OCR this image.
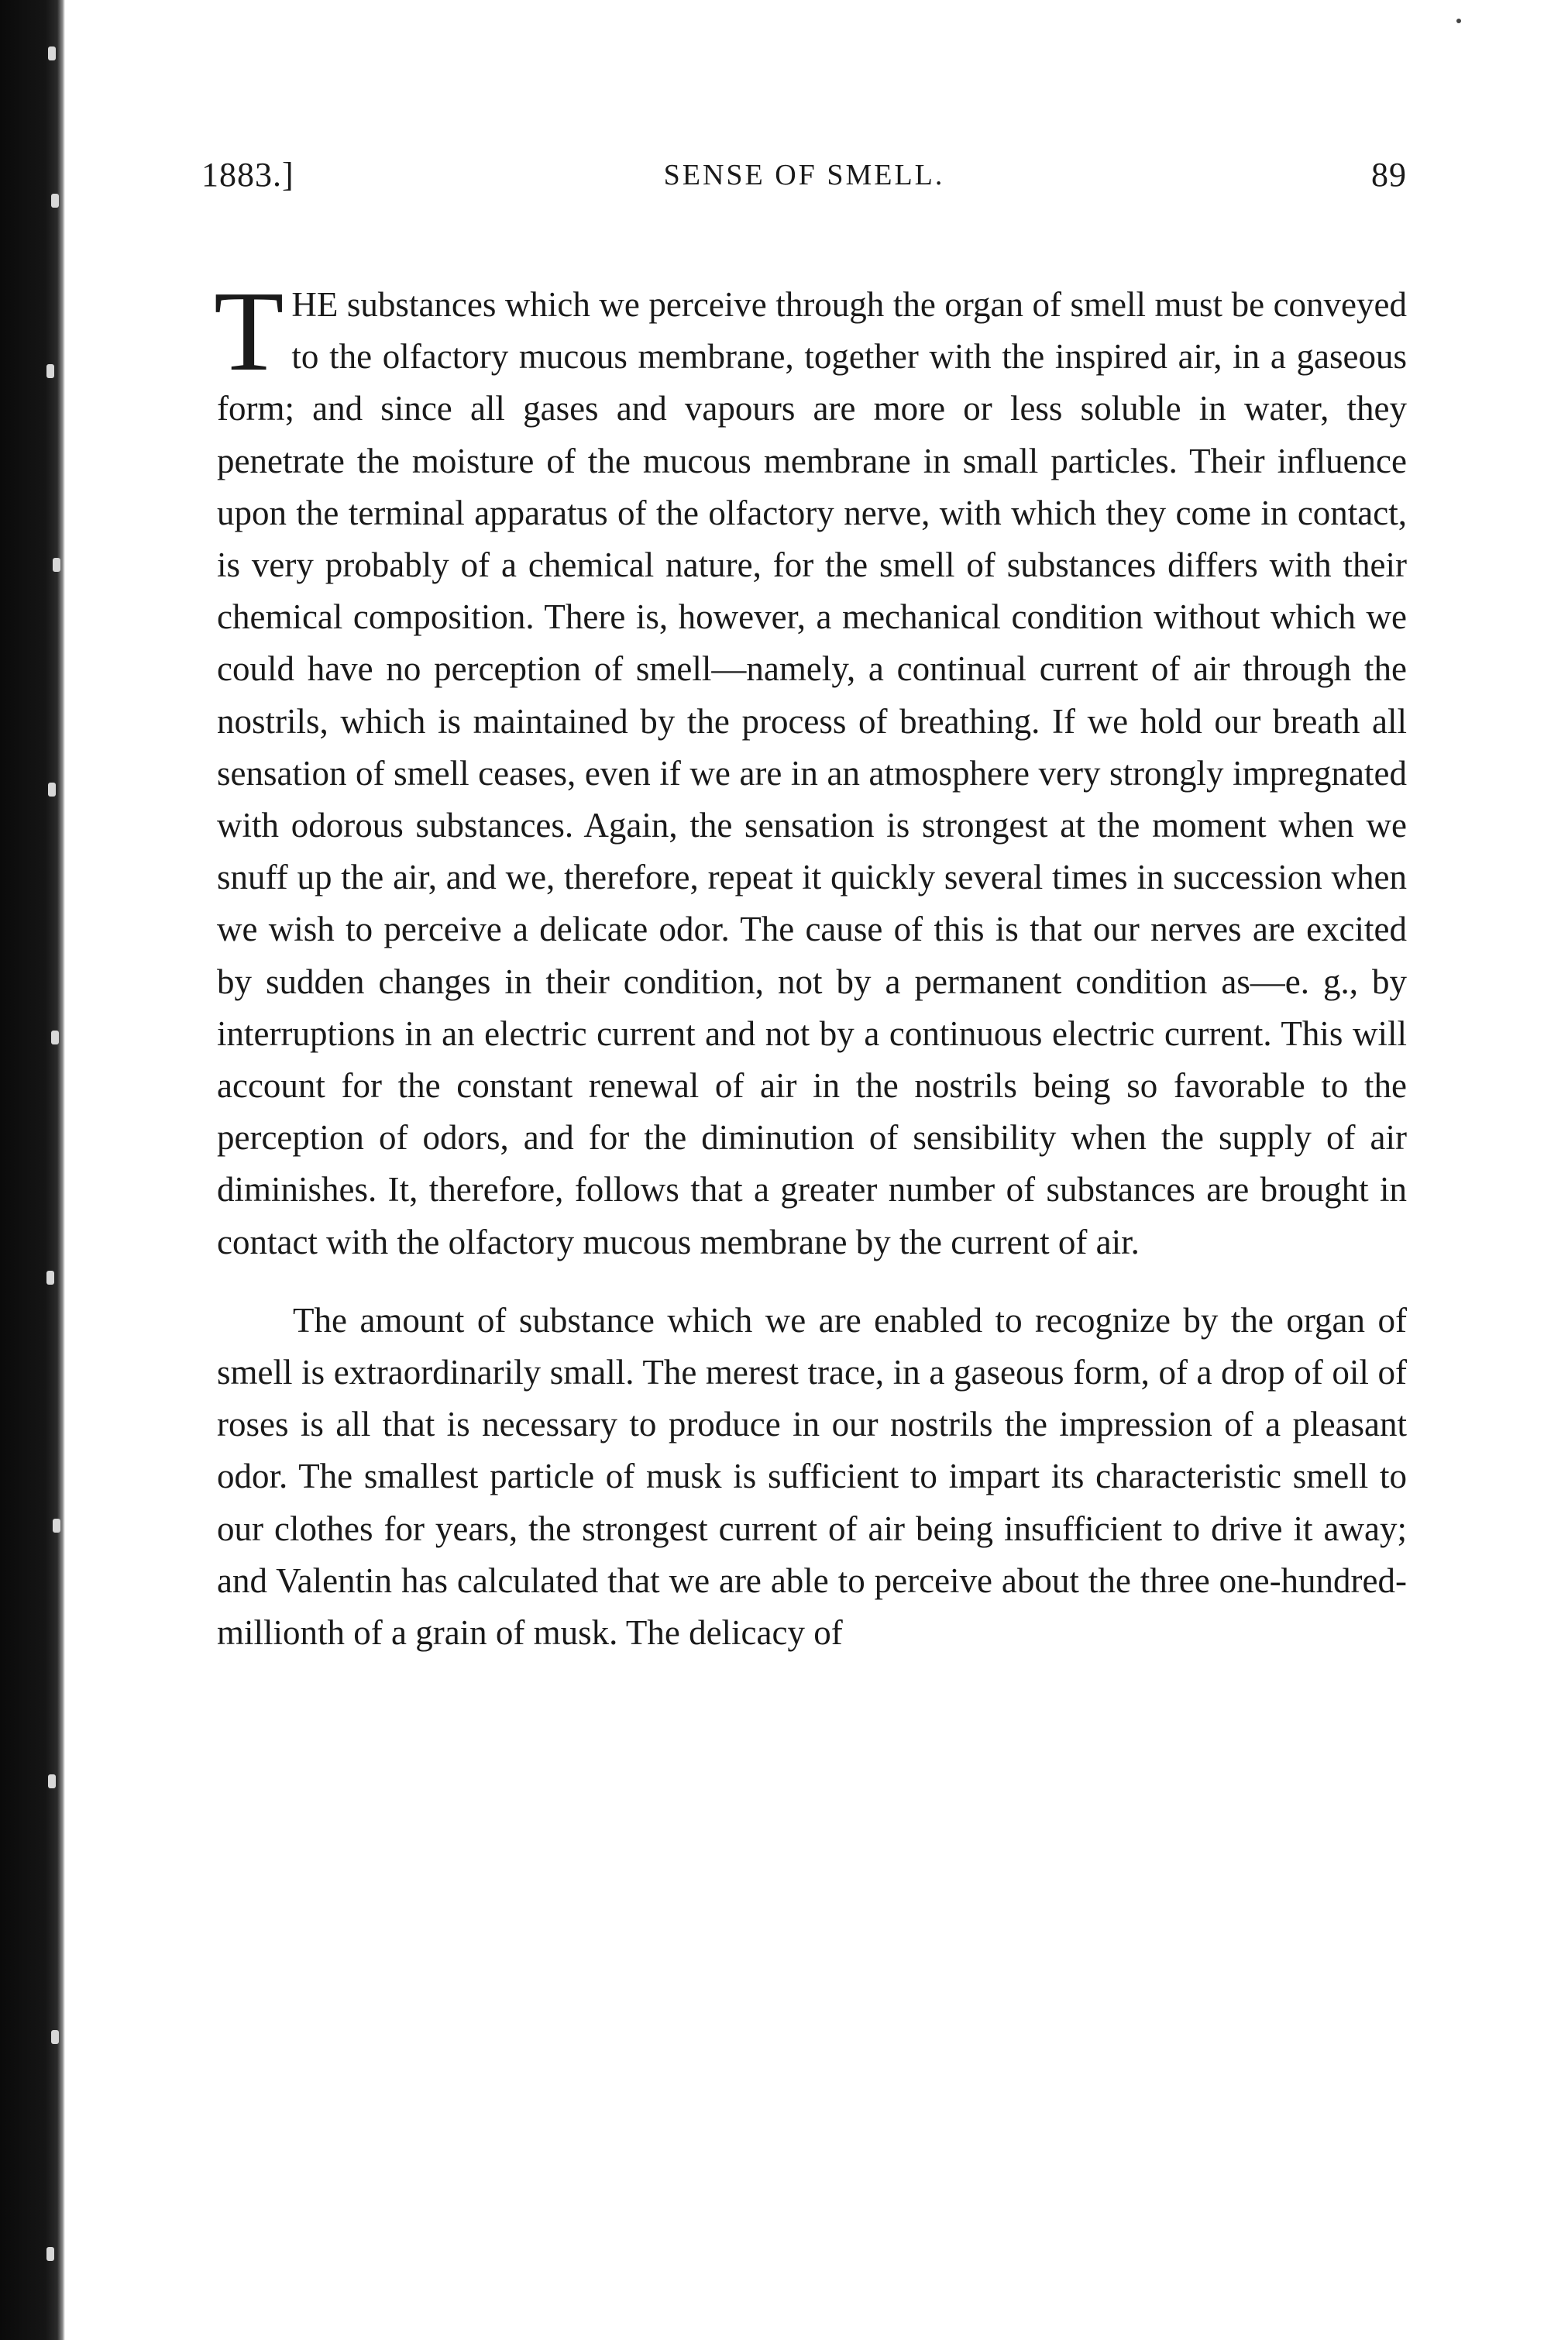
1883.]	SENSE OF SMELL.	89

T HE substances which we perceive through the organ of smell must be conveyed to the olfactory mucous membrane, together with the inspired air, in a gaseous form; and since all gases and vapours are more or less soluble in water, they penetrate the moisture of the mucous membrane in small particles. Their influence upon the terminal apparatus of the olfactory nerve, with which they come in contact, is very probably of a chemical nature, for the smell of substances differs with their chemical composition. There is, however, a mechanical condition without which we could have no perception of smell—namely, a continual current of air through the nostrils, which is maintained by the process of breathing. If we hold our breath all sensation of smell ceases, even if we are in an atmosphere very strongly impregnated with odorous substances. Again, the sensation is strongest at the moment when we snuff up the air, and we, therefore, repeat it quickly several times in succession when we wish to perceive a delicate odor. The cause of this is that our nerves are excited by sudden changes in their condition, not by a permanent condition as—e. g., by interruptions in an electric current and not by a continuous electric current. This will account for the constant renewal of air in the nostrils being so favorable to the perception of odors, and for the diminution of sensibility when the supply of air diminishes. It, therefore, follows that a greater number of substances are brought in contact with the olfactory mucous membrane by the current of air.

The amount of substance which we are enabled to recognize by the organ of smell is extraordinarily small. The merest trace, in a gaseous form, of a drop of oil of roses is all that is necessary to produce in our nostrils the impression of a pleasant odor. The smallest particle of musk is sufficient to impart its characteristic smell to our clothes for years, the strongest current of air being insufficient to drive it away; and Valentin has calculated that we are able to perceive about the three one-hundred-millionth of a grain of musk. The delicacy of
